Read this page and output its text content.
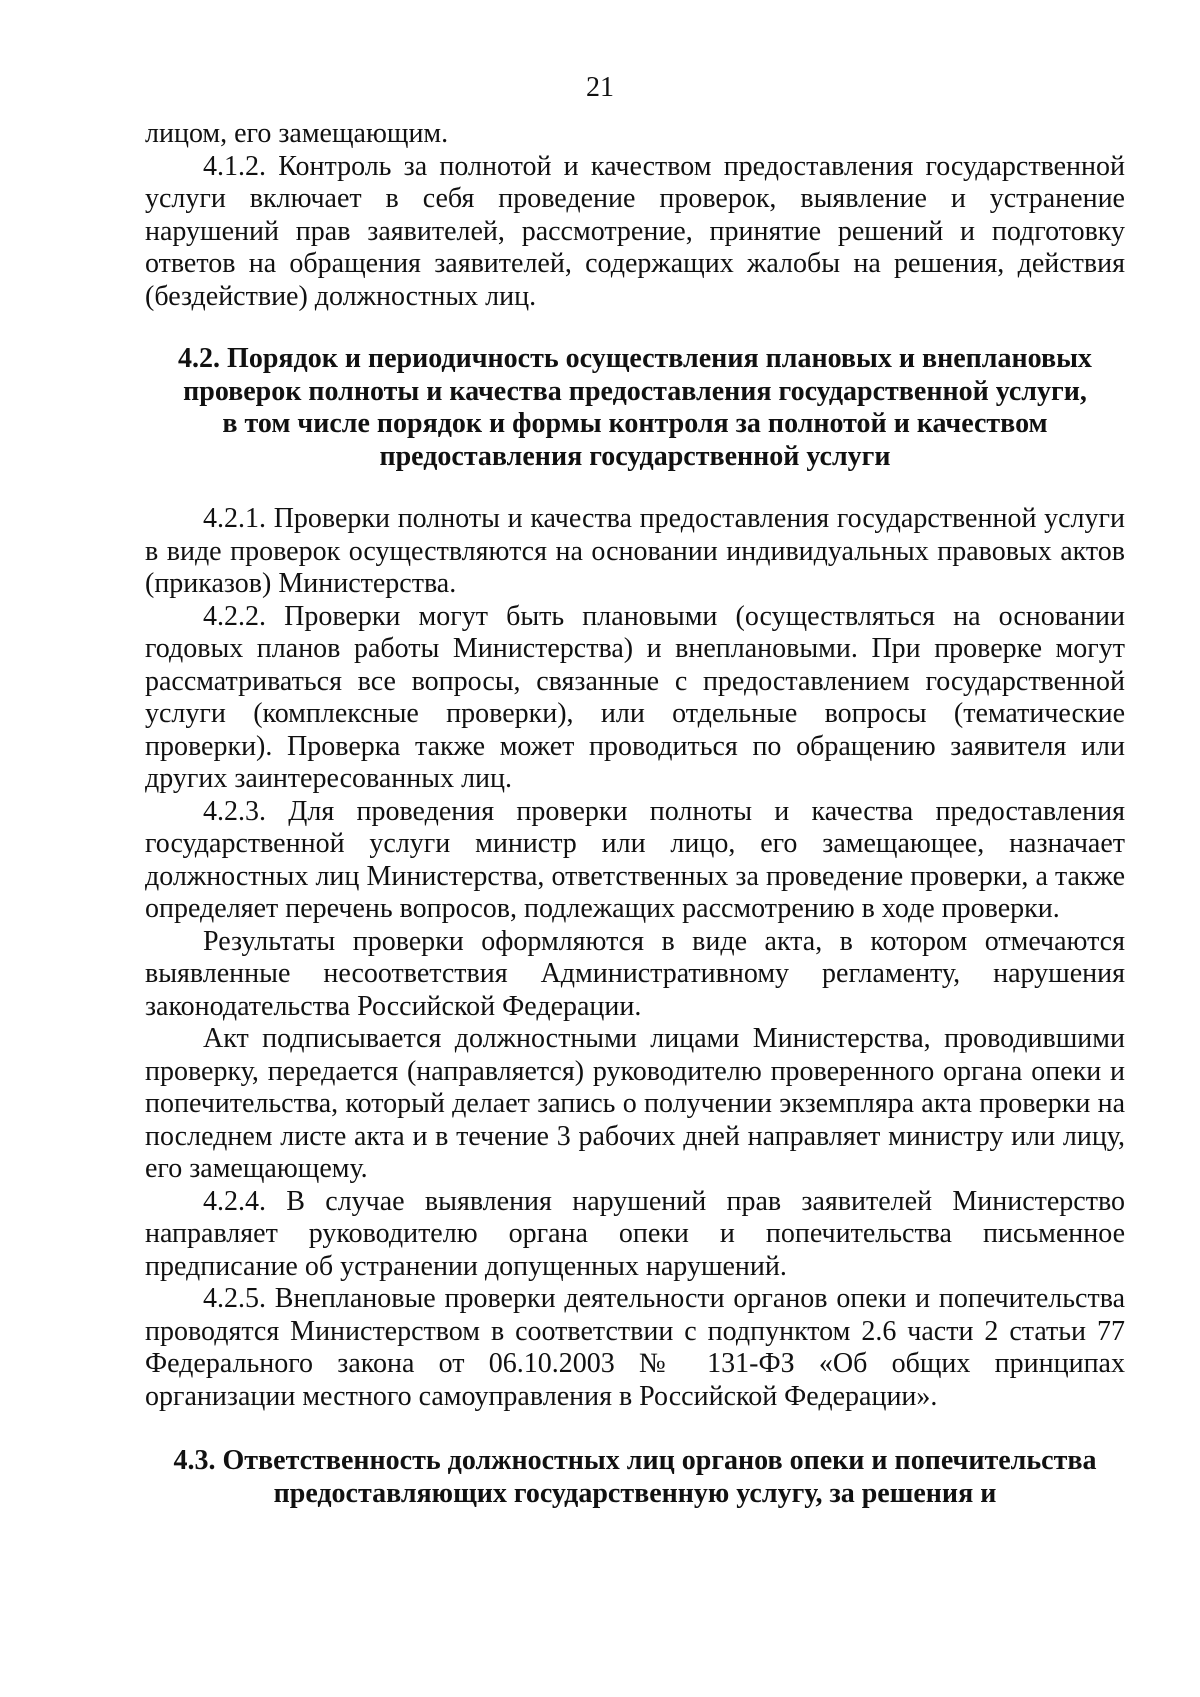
21

лицом, его замещающим.

4.1.2. Контроль за полнотой и качеством предоставления государственной услуги включает в себя проведение проверок, выявление и устранение нарушений прав заявителей, рассмотрение, принятие решений и подготовку ответов на обращения заявителей, содержащих жалобы на решения, действия (бездействие) должностных лиц.

4.2. Порядок и периодичность осуществления плановых и внеплановых проверок полноты и качества предоставления государственной услуги, в том числе порядок и формы контроля за полнотой и качеством предоставления государственной услуги

4.2.1. Проверки полноты и качества предоставления государственной услуги в виде проверок осуществляются на основании индивидуальных правовых актов (приказов) Министерства.

4.2.2. Проверки могут быть плановыми (осуществляться на основании годовых планов работы Министерства) и внеплановыми. При проверке могут рассматриваться все вопросы, связанные с предоставлением государственной услуги (комплексные проверки), или отдельные вопросы (тематические проверки). Проверка также может проводиться по обращению заявителя или других заинтересованных лиц.

4.2.3. Для проведения проверки полноты и качества предоставления государственной услуги министр или лицо, его замещающее, назначает должностных лиц Министерства, ответственных за проведение проверки, а также определяет перечень вопросов, подлежащих рассмотрению в ходе проверки.

Результаты проверки оформляются в виде акта, в котором отмечаются выявленные несоответствия Административному регламенту, нарушения законодательства Российской Федерации.

Акт подписывается должностными лицами Министерства, проводившими проверку, передается (направляется) руководителю проверенного органа опеки и попечительства, который делает запись о получении экземпляра акта проверки на последнем листе акта и в течение 3 рабочих дней направляет министру или лицу, его замещающему.

4.2.4. В случае выявления нарушений прав заявителей Министерство направляет руководителю органа опеки и попечительства письменное предписание об устранении допущенных нарушений.

4.2.5. Внеплановые проверки деятельности органов опеки и попечительства проводятся Министерством в соответствии с подпунктом 2.6 части 2 статьи 77 Федерального закона от 06.10.2003 № 131-ФЗ «Об общих принципах организации местного самоуправления в Российской Федерации».

4.3. Ответственность должностных лиц органов опеки и попечительства предоставляющих государственную услугу, за решения и
